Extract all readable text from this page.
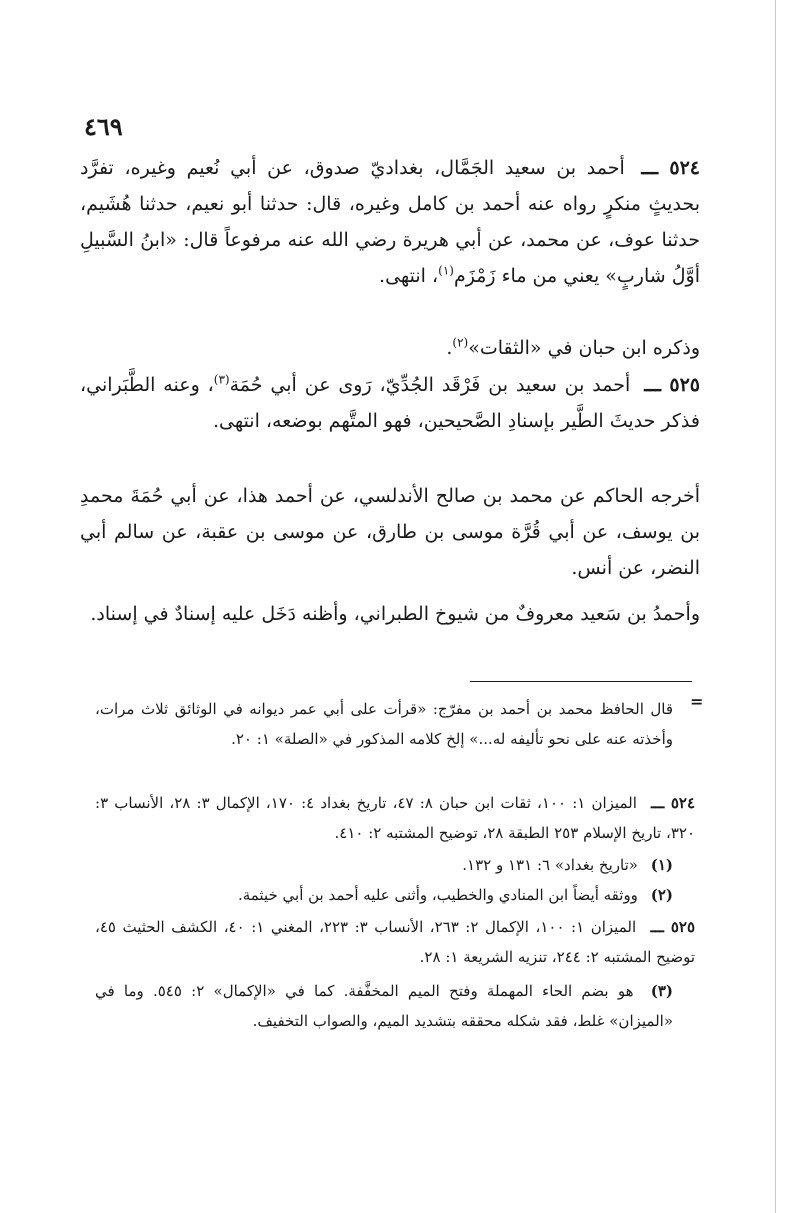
٤٦٩
٥٢٤ ـــ أحمد بن سعيد الجَمَّال، بغداديّ صدوق، عن أبي نُعيم وغيره، تفرَّد بحديثٍ منكرٍ رواه عنه أحمد بن كامل وغيره، قال: حدثنا أبو نعيم، حدثنا هُشَيم، حدثنا عوف، عن محمد، عن أبي هريرة رضي الله عنه مرفوعاً قال: «ابنُ السَّبيلِ أوَّلُ شاربٍ» يعني من ماء زَمْزَم$^{(١)}$، انتهى.
وذكره ابن حبان في «الثقات»$^{(٢)}$.
٥٢٥ ـــ أحمد بن سعيد بن فَرْقَد الجُدِّيّ، رَوى عن أبي حُمَة$^{(٣)}$، وعنه الطَّبَراني، فذكر حديثَ الطَّير بإسنادِ الصَّحيحين، فهو المتَّهم بوضعه، انتهى.
أخرجه الحاكم عن محمد بن صالح الأندلسي، عن أحمد هذا، عن أبي حُمَةَ محمدِ بن يوسف، عن أبي قُرَّة موسى بن طارق، عن موسى بن عقبة، عن سالم أبي النضر، عن أنس.
وأحمدُ بن سَعيد معروفٌ من شيوخ الطبراني، وأظنه دَخَل عليه إسنادٌ في إسناد.
=
قال الحافظ محمد بن أحمد بن مفرّج: «قرأت على أبي عمر ديوانه في الوثائق ثلاث مرات، وأخذته عنه على نحو تأليفه له...» إلخ كلامه المذكور في «الصلة» ١: ٢٠.
٥٢٤ ـــ الميزان ١: ١٠٠، ثقات ابن حبان ٨: ٤٧، تاريخ بغداد ٤: ١٧٠، الإكمال ٣: ٢٨، الأنساب ٣: ٣٢٠، تاريخ الإسلام ٢٥٣ الطبقة ٢٨، توضيح المشتبه ٢: ٤١٠.
(١) «تاريخ بغداد» ٦: ١٣١ و ١٣٢.
(٢) ووثقه أيضاً ابن المنادي والخطيب، وأثنى عليه أحمد بن أبي خيثمة.
٥٢٥ ـــ الميزان ١: ١٠٠، الإكمال ٢: ٢٦٣، الأنساب ٣: ٢٢٣، المغني ١: ٤٠، الكشف الحثيث ٤٥، توضيح المشتبه ٢: ٢٤٤، تنزيه الشريعة ١: ٢٨.
(٣) هو بضم الحاء المهملة وفتح الميم المخفَّفة. كما في «الإكمال» ٢: ٥٤٥. وما في «الميزان» غلط، فقد شكله محققه بتشديد الميم، والصواب التخفيف.
